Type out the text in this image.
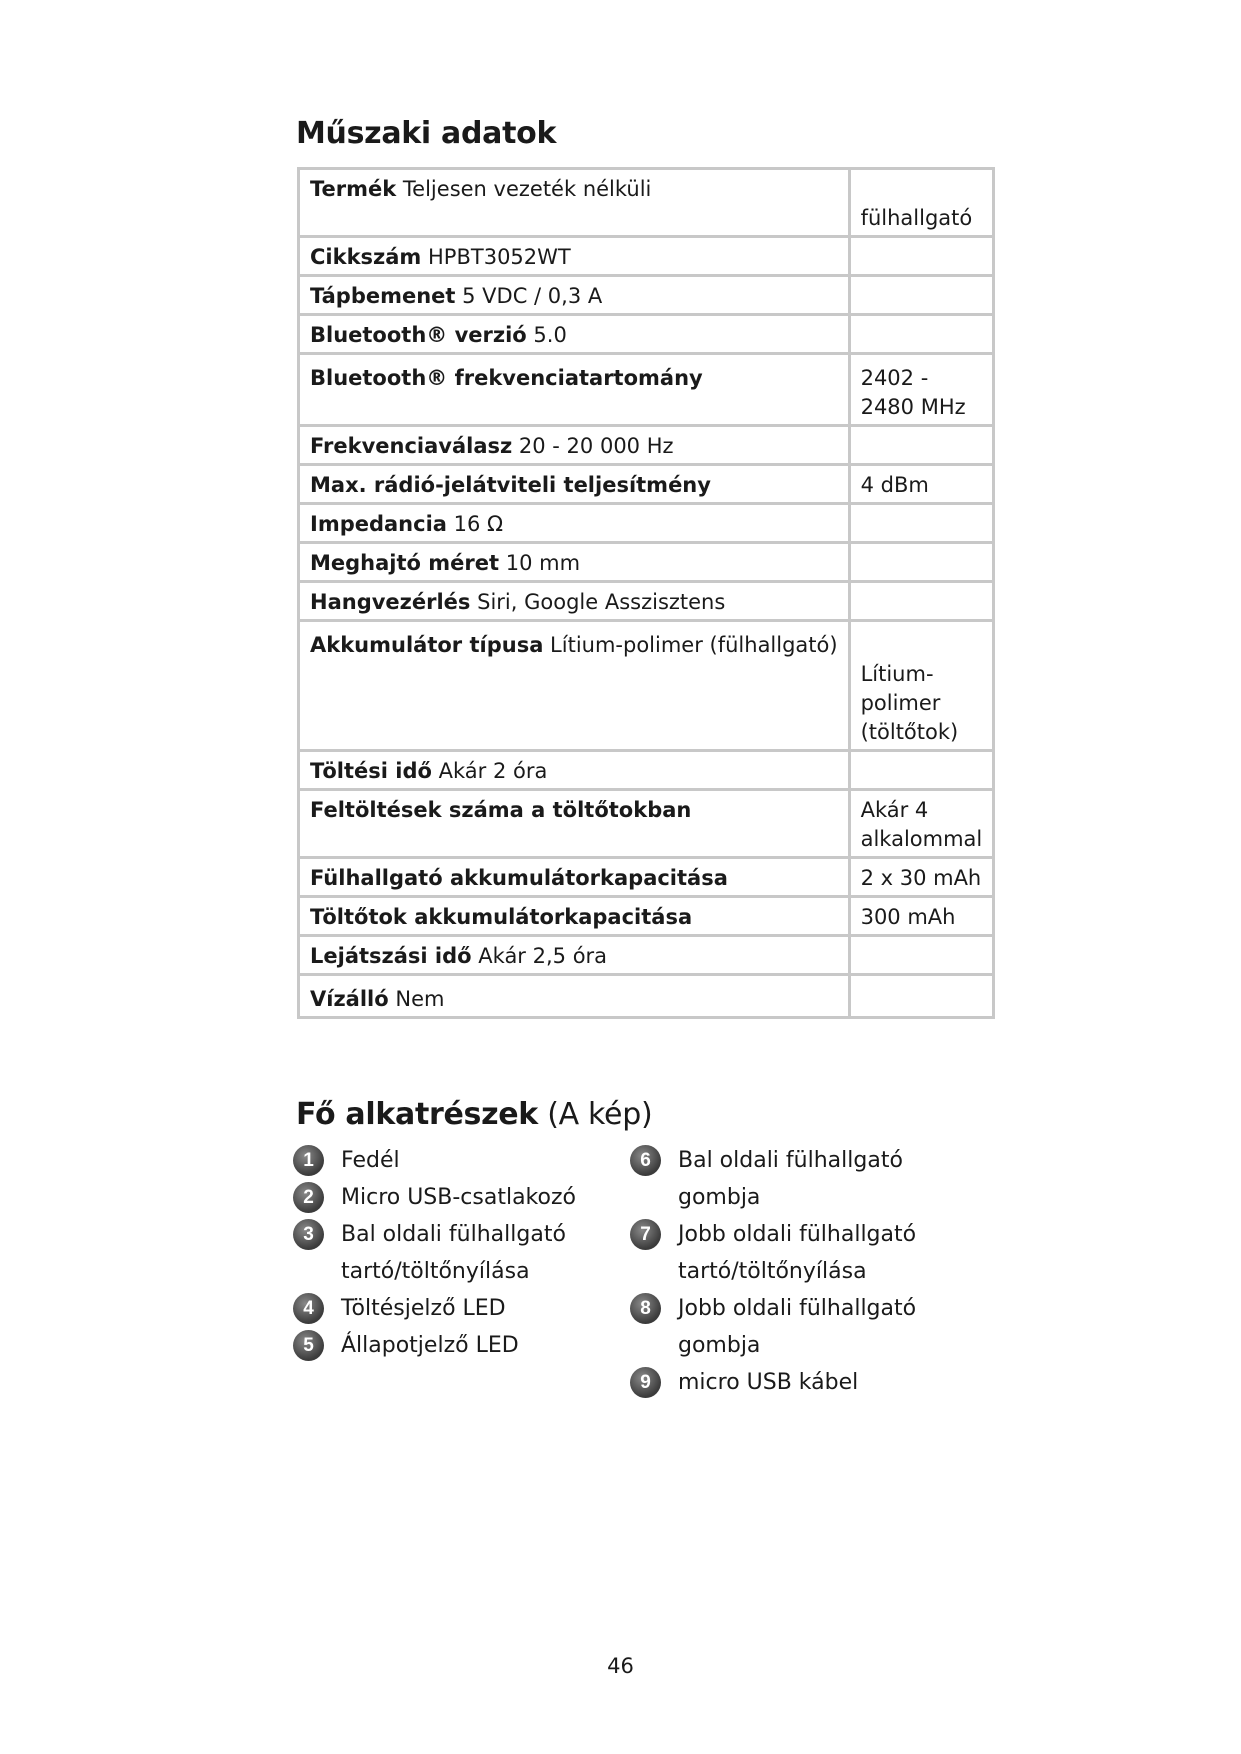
Műszaki adatok
Termék Teljesen vezeték nélküli	fülhallgató
Cikkszám HPBT3052WT	
Tápbemenet 5 VDC / 0,3 A	
Bluetooth® verzió 5.0	
Bluetooth® frekvenciatartomány	2402 - 2480 MHz
Frekvenciaválasz 20 - 20 000 Hz	
Max. rádió-jelátviteli teljesítmény	4 dBm
Impedancia 16 Ω	
Meghajtó méret 10 mm	
Hangvezérlés Siri, Google Asszisztens	
Akkumulátor típusa Lítium-polimer (fülhallgató)	Lítium-polimer (töltőtok)
Töltési idő Akár 2 óra	
Feltöltések száma a töltőtokban	Akár 4 alkalommal
Fülhallgató akkumulátorkapacitása	2 x 30 mAh
Töltőtok akkumulátorkapacitása	300 mAh
Lejátszási idő Akár 2,5 óra	
Vízálló Nem	
Fő alkatrészek (A kép)
1	Fedél
2	Micro USB-csatlakozó
3	Bal oldali fülhallgató tartó/töltőnyílása
4	Töltésjelző LED
5	Állapotjelző LED
6	Bal oldali fülhallgató gombja
7	Jobb oldali fülhallgató tartó/töltőnyílása
8	Jobb oldali fülhallgató gombja
9	micro USB kábel
46
